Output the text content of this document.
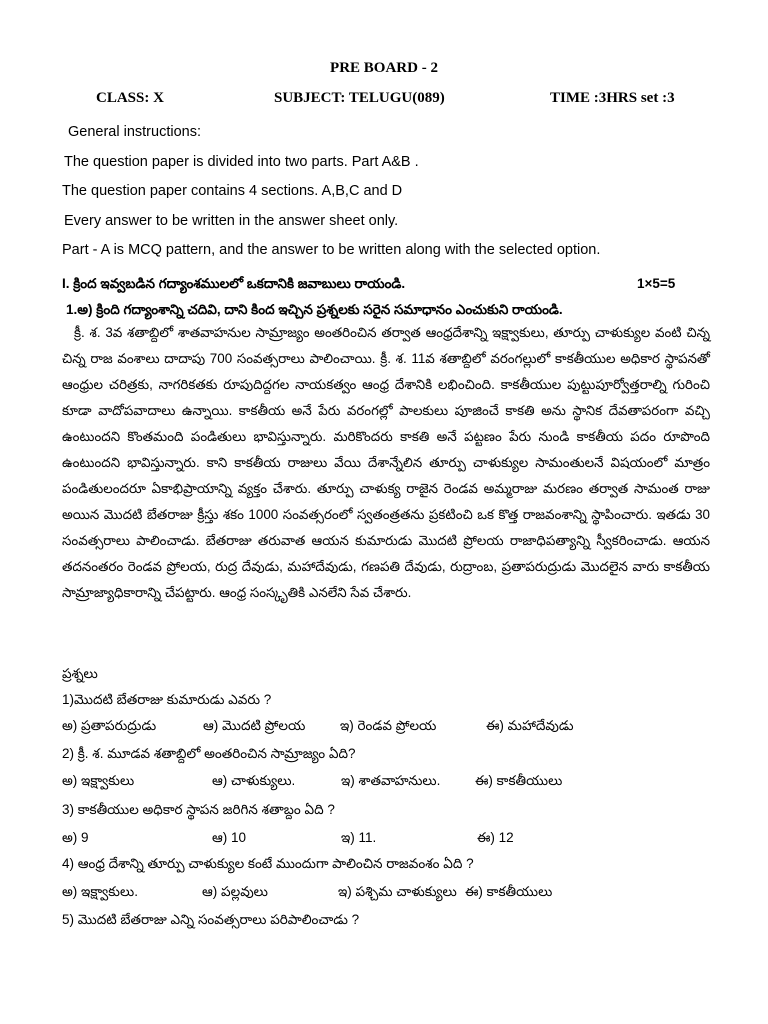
PRE BOARD - 2
CLASS: X	SUBJECT: TELUGU(089)	TIME :3HRS set :3
General instructions:
The question paper is divided into two parts. Part A&B .
The question paper contains 4 sections. A,B,C and D
Every answer to be written in the answer sheet only.
Part - A is MCQ pattern, and the answer to be written along with the selected option.
I. క్రింద ఇవ్వబడిన గద్యాంశములలో ఒకదానికి జవాబులు రాయండి.	1×5=5
1.అ) క్రింది గద్యాంశాన్ని చదివి, దాని కింద ఇచ్చిన ప్రశ్నలకు సరైన సమాధానం ఎంచుకుని రాయండి.
క్రీ. శ. 3వ శతాబ్దిలో శాతవాహనుల సామ్రాజ్యం అంతరించిన తర్వాత ఆంధ్రదేశాన్ని ఇక్ష్వాకులు, తూర్పు చాళుక్యుల వంటి చిన్న చిన్న రాజ వంశాలు దాదాపు 700 సంవత్సరాలు పాలించాయి. క్రీ. శ. 11వ శతాబ్దిలో వరంగల్లులో కాకతీయుల అధికార స్థాపనతో ఆంధ్రుల చరిత్రకు, నాగరికతకు రూపుదిద్దగల నాయకత్వం ఆంధ్ర దేశానికి లభించింది. కాకతీయుల పుట్టుపూర్వోత్తరాల్ని గురించి కూడా వాదోపవాదాలు ఉన్నాయి. కాకతీయ అనే పేరు వరంగల్లో పాలకులు పూజించే కాకతి అను స్థానిక దేవతాపరంగా వచ్చి ఉంటుందని కొంతమంది పండితులు భావిస్తున్నారు. మరికొందరు కాకతి అనే పట్టణం పేరు నుండి కాకతీయ పదం రూపొంది ఉంటుందని భావిస్తున్నారు. కాని కాకతీయ రాజులు వేయి దేశాన్నేలిన తూర్పు చాళుక్యుల సామంతులనే విషయంలో మాత్రం పండితులందరూ ఏకాభిప్రాయాన్ని వ్యక్తం చేశారు. తూర్పు చాళుక్య రాజైన రెండవ అమ్మరాజు మరణం తర్వాత సామంత రాజు అయిన మొదటి బేతరాజు క్రీస్తు శకం 1000 సంవత్సరంలో స్వతంత్రతను ప్రకటించి ఒక కొత్త రాజవంశాన్ని స్థాపించారు. ఇతడు 30 సంవత్సరాలు పాలించాడు. బేతరాజు తరువాత ఆయన కుమారుడు మొదటి ప్రోలయ రాజాధిపత్యాన్ని స్వీకరించాడు. ఆయన తదనంతరం రెండవ ప్రోలయ, రుద్ర దేవుడు, మహాదేవుడు, గణపతి దేవుడు, రుద్రాంబ, ప్రతాపరుద్రుడు మొదలైన వారు కాకతీయ సామ్రాజ్యాధికారాన్ని చేపట్టారు. ఆంధ్ర సంస్కృతికి ఎనలేని సేవ చేశారు.
ప్రశ్నలు
1)మొదటి బేతరాజు కుమారుడు ఎవరు ?
అ) ప్రతాపరుద్రుడు	ఆ) మొదటి ప్రోలయ	ఇ) రెండవ ప్రోలయ	ఈ) మహాదేవుడు
2) క్రీ. శ. మూడవ శతాబ్దిలో అంతరించిన సామ్రాజ్యం ఏది?
అ) ఇక్ష్వాకులు	ఆ) చాళుక్యులు.	ఇ) శాతవాహనులు.	ఈ) కాకతీయులు
3) కాకతీయుల అధికార స్థాపన జరిగిన శతాబ్దం ఏది ?
అ) 9	ఆ) 10	ఇ) 11.	ఈ) 12
4) ఆంధ్ర దేశాన్ని తూర్పు చాళుక్యుల కంటే ముందుగా పాలించిన రాజవంశం ఏది ?
అ) ఇక్ష్వాకులు.	ఆ) పల్లవులు	ఇ) పశ్చిమ చాళుక్యులు ఈ) కాకతీయులు
5) మొదటి బేతరాజు ఎన్ని సంవత్సరాలు పరిపాలించాడు ?
